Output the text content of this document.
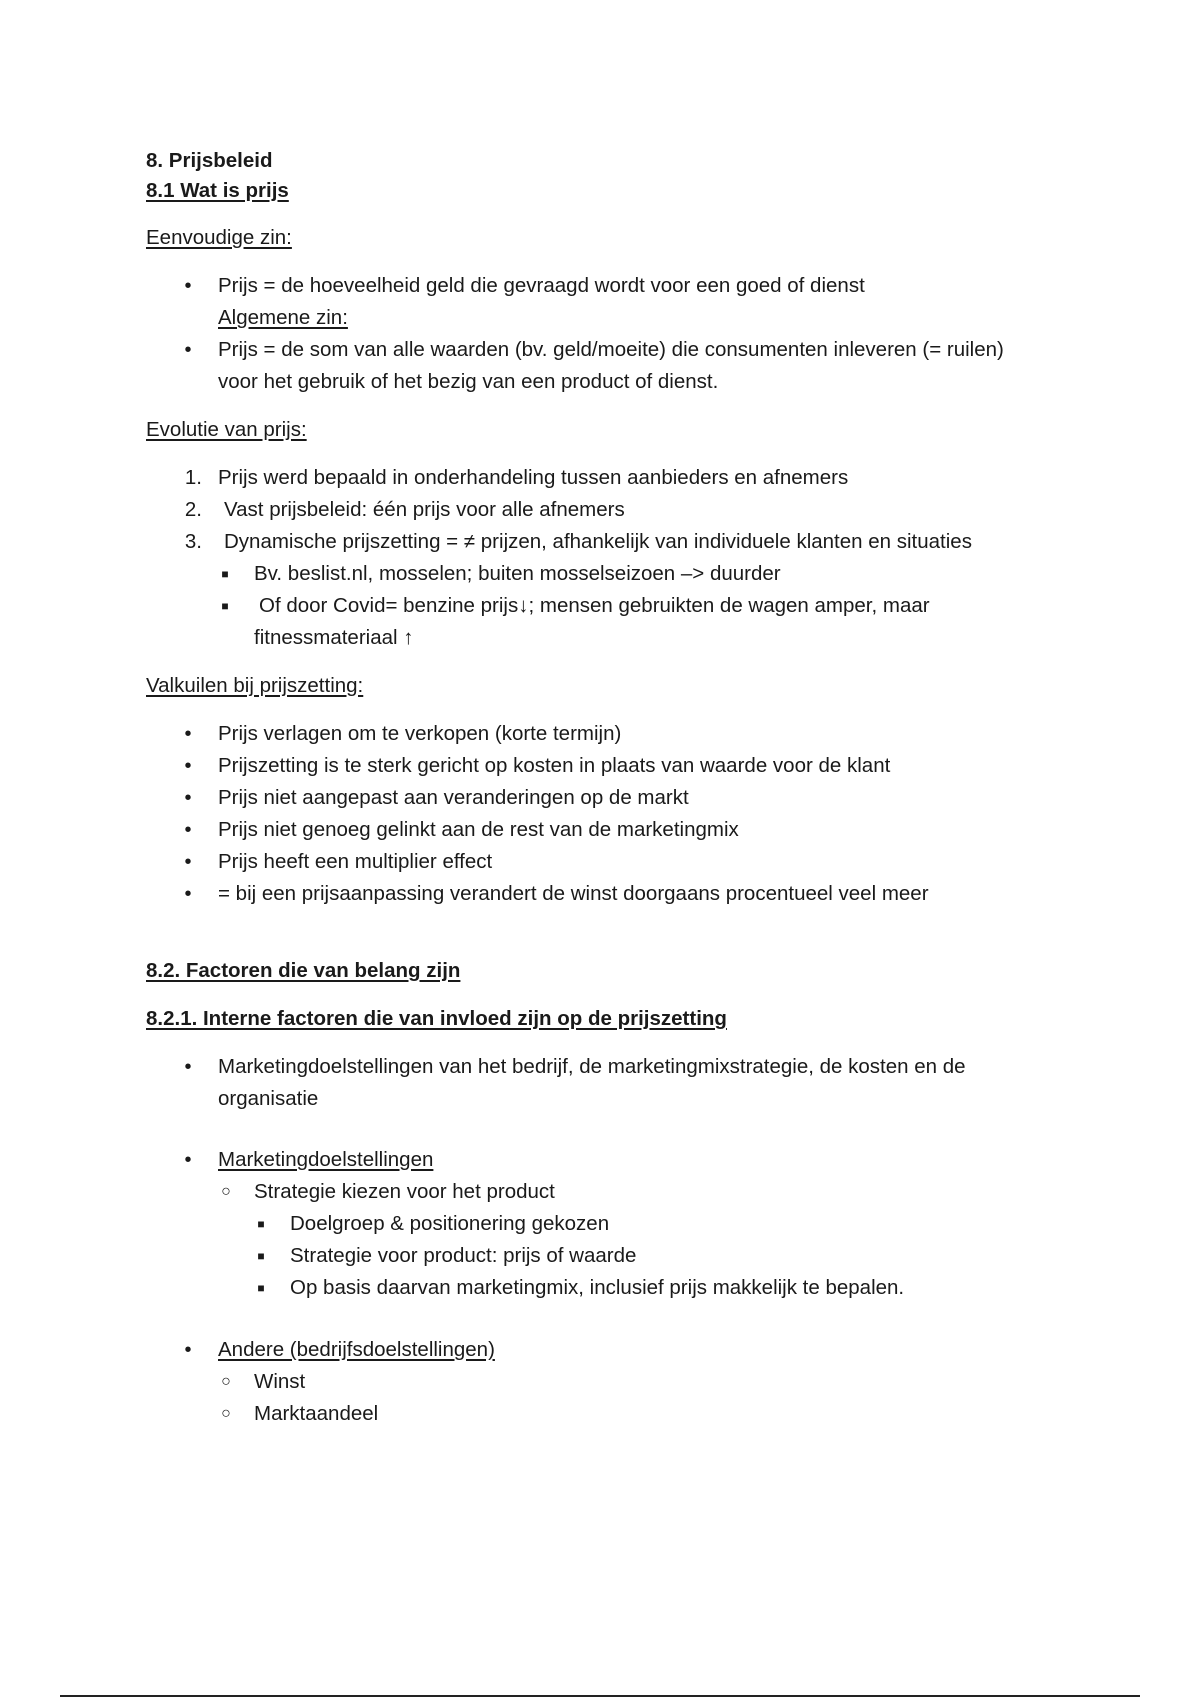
8. Prijsbeleid
8.1 Wat is prijs
Eenvoudige zin:
• Prijs = de hoeveelheid geld die gevraagd wordt voor een goed of dienst
Algemene zin:
• Prijs = de som van alle waarden (bv. geld/moeite) die consumenten inleveren (= ruilen)
voor het gebruik of het bezig van een product of dienst.
Evolutie van prijs:
1. Prijs werd bepaald in onderhandeling tussen aanbieders en afnemers
2. Vast prijsbeleid: één prijs voor alle afnemers
3. Dynamische prijszetting = ≠ prijzen, afhankelijk van individuele klanten en situaties
■ Bv. beslist.nl, mosselen; buiten mosselseizoen –> duurder
■ Of door Covid= benzine prijs↓; mensen gebruikten de wagen amper, maar
fitnessmateriaal ↑
Valkuilen bij prijszetting:
• Prijs verlagen om te verkopen (korte termijn)
• Prijszetting is te sterk gericht op kosten in plaats van waarde voor de klant
• Prijs niet aangepast aan veranderingen op de markt
• Prijs niet genoeg gelinkt aan de rest van de marketingmix
• Prijs heeft een multiplier effect
• = bij een prijsaanpassing verandert de winst doorgaans procentueel veel meer
8.2. Factoren die van belang zijn
8.2.1. Interne factoren die van invloed zijn op de prijszetting
• Marketingdoelstellingen van het bedrijf, de marketingmixstrategie, de kosten en de
organisatie
• Marketingdoelstellingen
○ Strategie kiezen voor het product
■ Doelgroep & positionering gekozen
■ Strategie voor product: prijs of waarde
■ Op basis daarvan marketingmix, inclusief prijs makkelijk te bepalen.
• Andere (bedrijfsdoelstellingen)
○ Winst
○ Marktaandeel
